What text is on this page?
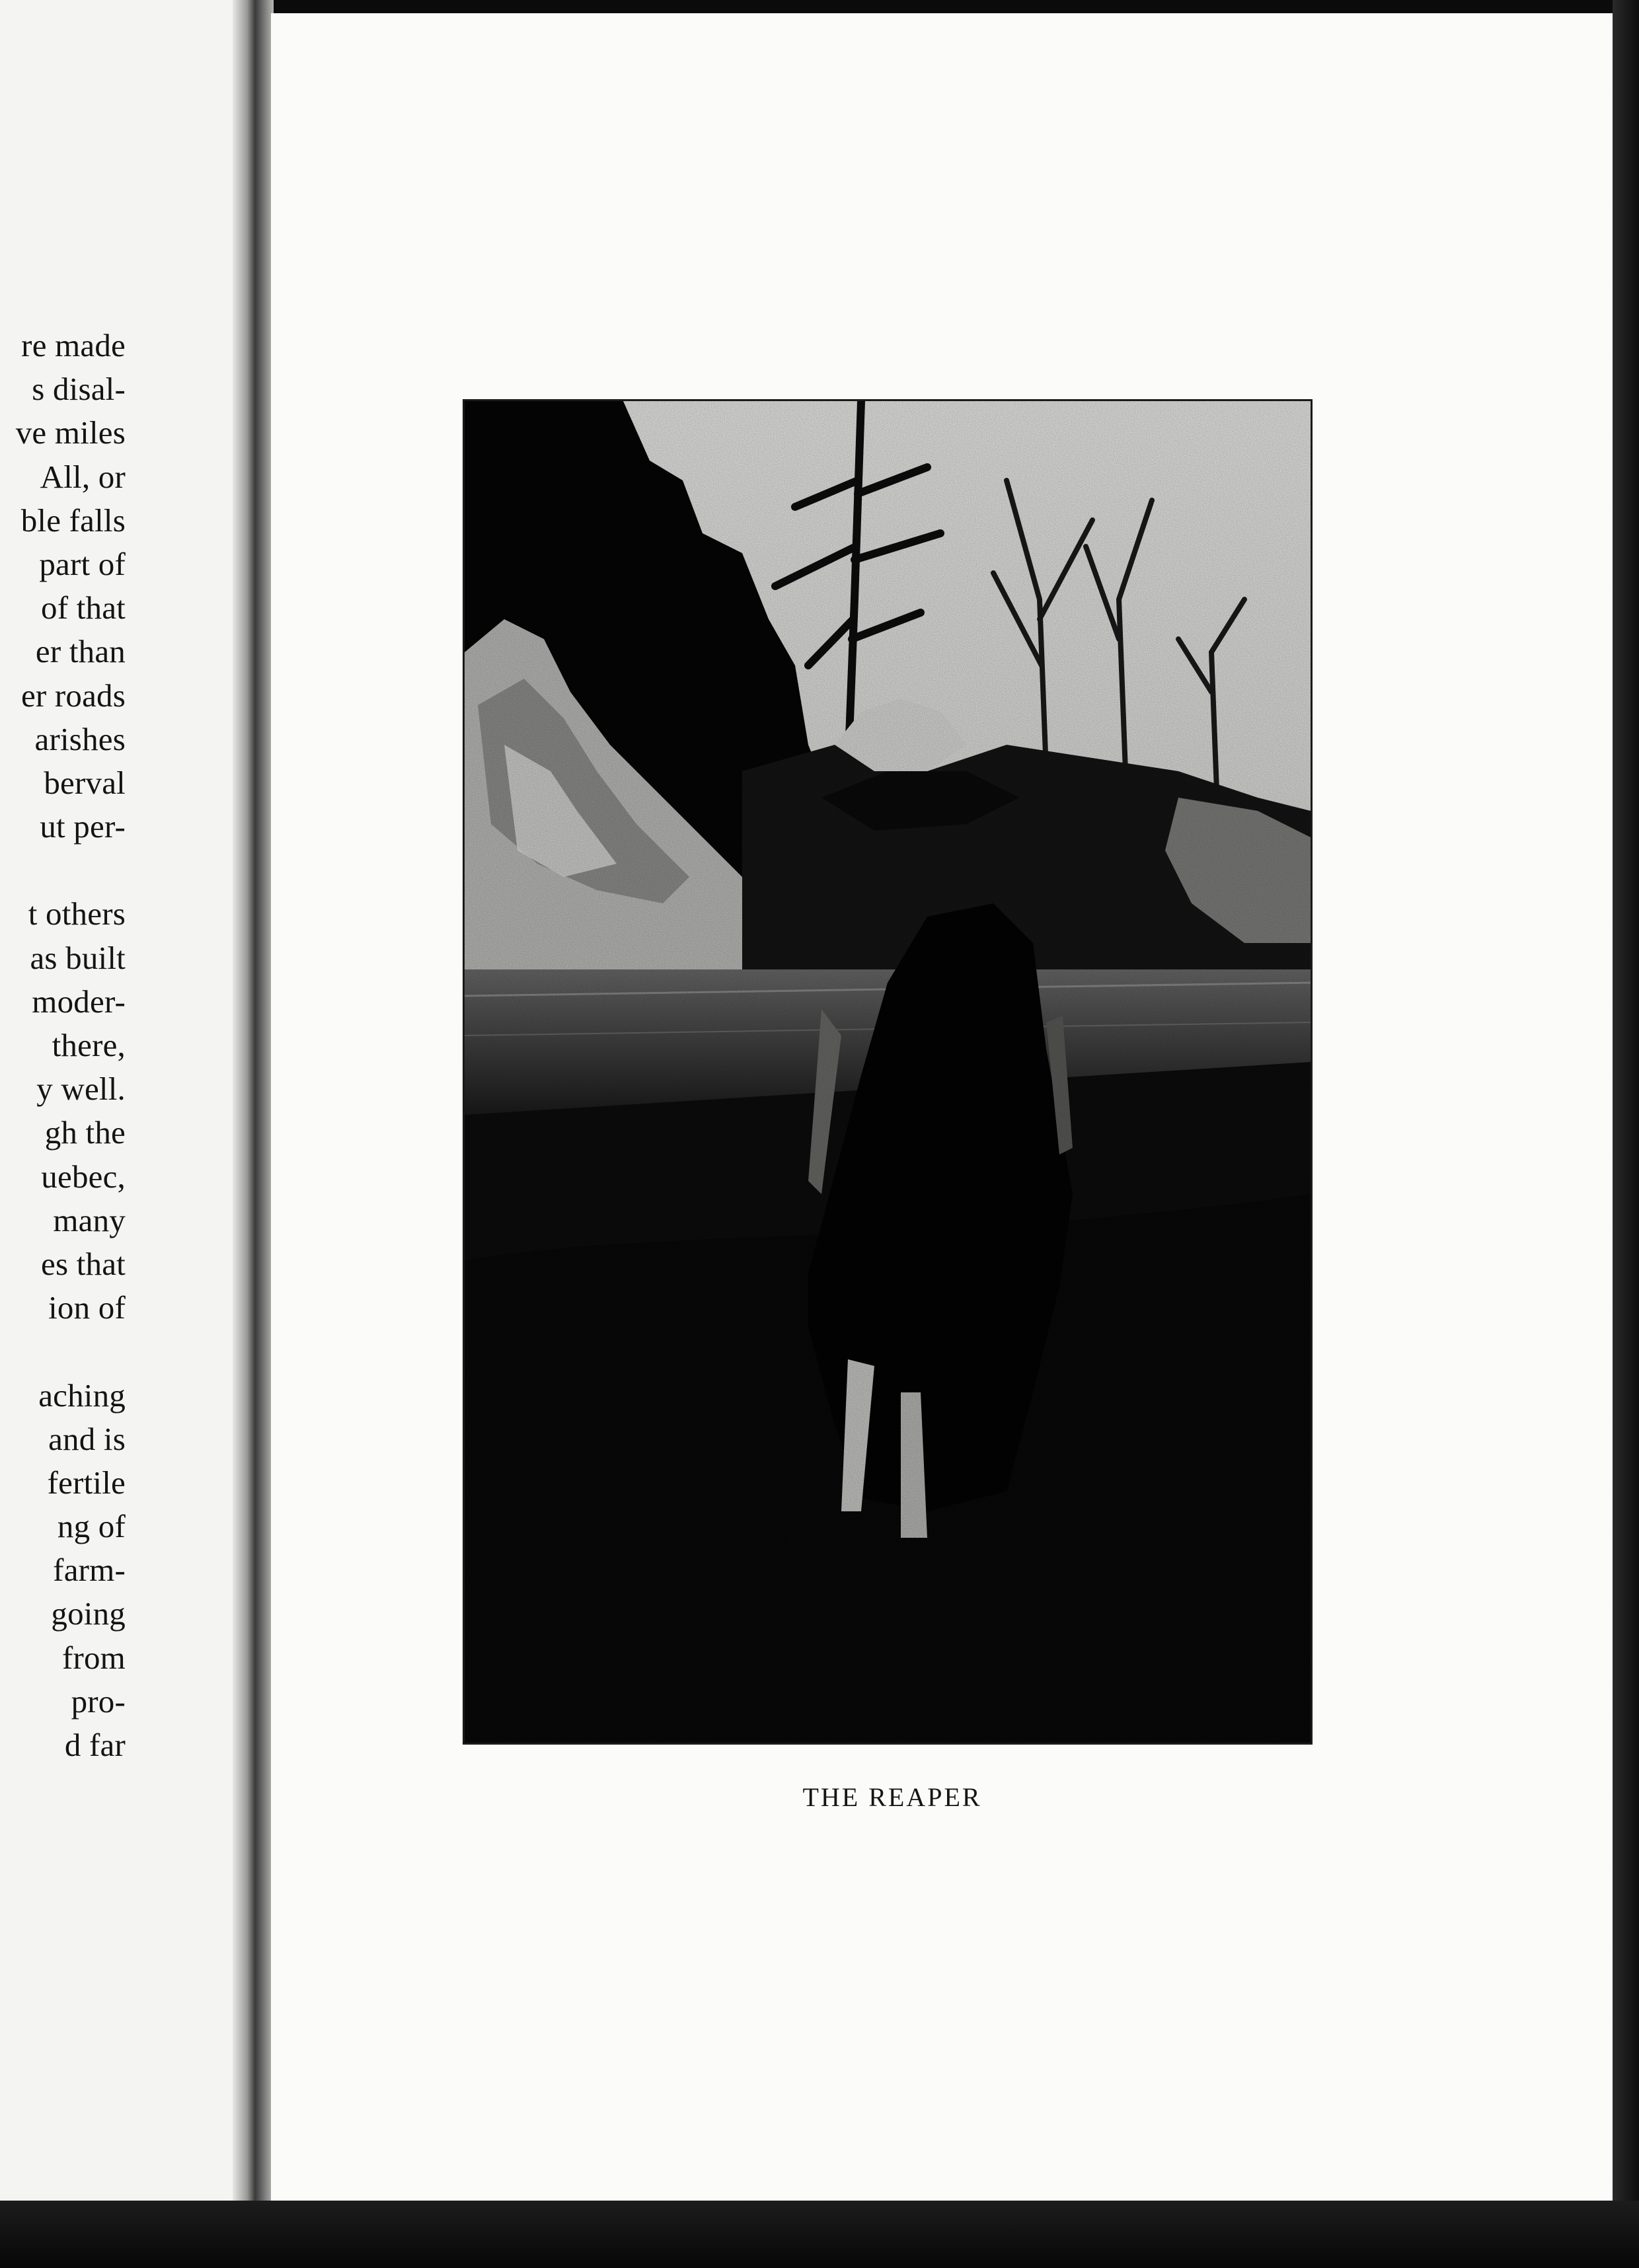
re made
s disal-
ve miles
All, or
ble falls
part of
of that
er than
er roads
arishes
berval
ut per-
t others
as built
moder-
there,
y well.
gh the
uebec,
many
es that
ion of
aching
and is
fertile
ng of
farm-
going
from
pro-
d far
THE REAPER
